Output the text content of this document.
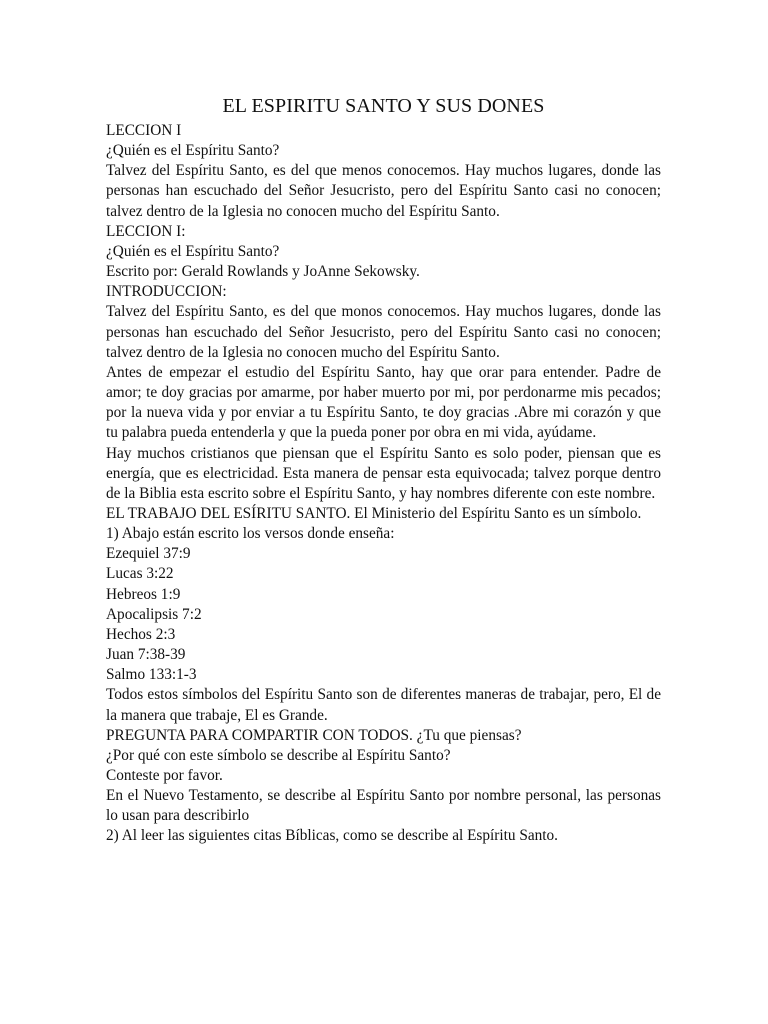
EL ESPIRITU SANTO Y SUS DONES

LECCION I

¿Quién es el Espíritu Santo?

Talvez del Espíritu Santo, es del que menos conocemos. Hay muchos lugares, donde las personas han escuchado del Señor Jesucristo, pero del Espíritu Santo casi no conocen; talvez dentro de la Iglesia no conocen mucho del Espíritu Santo.

LECCION I:

¿Quién es el Espíritu Santo?

Escrito por: Gerald Rowlands y JoAnne Sekowsky.

INTRODUCCION:

Talvez del Espíritu Santo, es del que monos conocemos. Hay muchos lugares, donde las personas han escuchado del Señor Jesucristo, pero del Espíritu Santo casi no conocen; talvez dentro de la Iglesia no conocen mucho del Espíritu Santo.

Antes de empezar el estudio del Espíritu Santo, hay que orar para entender. Padre de amor; te doy gracias por amarme, por haber muerto por mi, por perdonarme mis pecados; por la nueva vida y por enviar a tu Espíritu Santo, te doy gracias .Abre mi corazón y que tu palabra pueda entenderla y que la pueda poner por obra en mi vida, ayúdame.

Hay muchos cristianos que piensan que el Espíritu Santo es solo poder, piensan que es energía, que es electricidad. Esta manera de pensar esta equivocada; talvez porque dentro de la Biblia esta escrito sobre el Espíritu Santo, y hay nombres diferente con este nombre.

EL TRABAJO DEL ESÍRITU SANTO. El Ministerio del Espíritu Santo es un símbolo.

1) Abajo están escrito los versos donde enseña:

Ezequiel 37:9

Lucas 3:22

Hebreos 1:9

Apocalipsis 7:2

Hechos 2:3

Juan 7:38-39

Salmo 133:1-3

Todos estos símbolos del Espíritu Santo son de diferentes maneras de trabajar, pero, El de la manera que trabaje, El es Grande.

PREGUNTA PARA COMPARTIR CON TODOS. ¿Tu que piensas?

¿Por qué con este símbolo se describe al Espíritu Santo?

Conteste por favor.

En el Nuevo Testamento, se describe al Espíritu Santo por nombre personal, las personas lo usan para describirlo

2) Al leer las siguientes citas Bíblicas, como se describe al Espíritu Santo.
